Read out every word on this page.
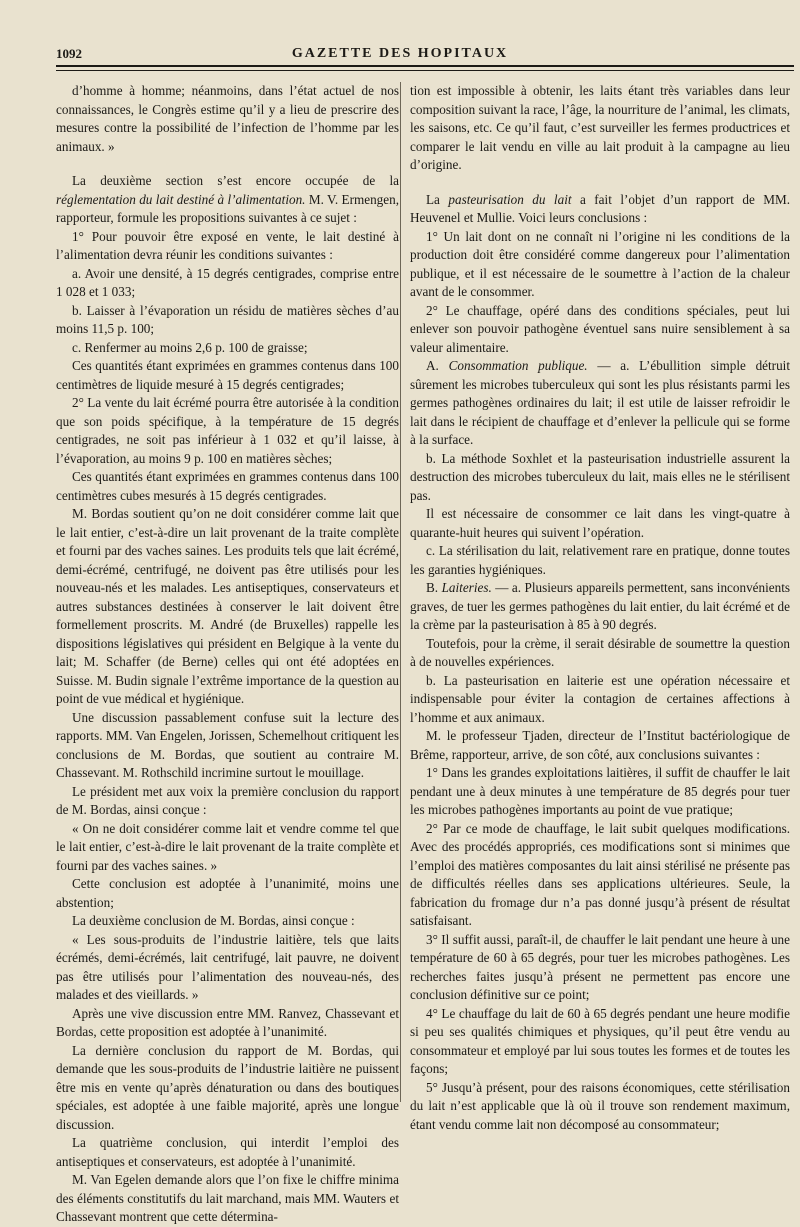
1092	GAZETTE DES HOPITAUX

d’homme à homme; néanmoins, dans l’état actuel de nos connaissances, le Congrès estime qu’il y a lieu de prescrire des mesures contre la possibilité de l’infection de l’homme par les animaux. »

La deuxième section s’est encore occupée de la réglementation du lait destiné à l’alimentation. M. V. Ermengen, rapporteur, formule les propositions suivantes à ce sujet :

1° Pour pouvoir être exposé en vente, le lait destiné à l’alimentation devra réunir les conditions suivantes :

a. Avoir une densité, à 15 degrés centigrades, comprise entre 1 028 et 1 033;

b. Laisser à l’évaporation un résidu de matières sèches d’au moins 11,5 p. 100;

c. Renfermer au moins 2,6 p. 100 de graisse;

Ces quantités étant exprimées en grammes contenus dans 100 centimètres de liquide mesuré à 15 degrés centigrades;

2° La vente du lait écrémé pourra être autorisée à la condition que son poids spécifique, à la température de 15 degrés centigrades, ne soit pas inférieur à 1 032 et qu’il laisse, à l’évaporation, au moins 9 p. 100 en matières sèches;

Ces quantités étant exprimées en grammes contenus dans 100 centimètres cubes mesurés à 15 degrés centigrades.

M. Bordas soutient qu’on ne doit considérer comme lait que le lait entier, c’est-à-dire un lait provenant de la traite complète et fourni par des vaches saines. Les produits tels que lait écrémé, demi-écrémé, centrifugé, ne doivent pas être utilisés pour les nouveau-nés et les malades. Les antiseptiques, conservateurs et autres substances destinées à conserver le lait doivent être formellement proscrits. M. André (de Bruxelles) rappelle les dispositions législatives qui président en Belgique à la vente du lait; M. Schaffer (de Berne) celles qui ont été adoptées en Suisse. M. Budin signale l’extrême importance de la question au point de vue médical et hygiénique.

Une discussion passablement confuse suit la lecture des rapports. MM. Van Engelen, Jorissen, Schemelhout critiquent les conclusions de M. Bordas, que soutient au contraire M. Chassevant. M. Rothschild incrimine surtout le mouillage.

Le président met aux voix la première conclusion du rapport de M. Bordas, ainsi conçue :

« On ne doit considérer comme lait et vendre comme tel que le lait entier, c’est-à-dire le lait provenant de la traite complète et fourni par des vaches saines. »

Cette conclusion est adoptée à l’unanimité, moins une abstention;

La deuxième conclusion de M. Bordas, ainsi conçue :

« Les sous-produits de l’industrie laitière, tels que laits écrémés, demi-écrémés, lait centrifugé, lait pauvre, ne doivent pas être utilisés pour l’alimentation des nouveau-nés, des malades et des vieillards. »

Après une vive discussion entre MM. Ranvez, Chassevant et Bordas, cette proposition est adoptée à l’unanimité.

La dernière conclusion du rapport de M. Bordas, qui demande que les sous-produits de l’industrie laitière ne puissent être mis en vente qu’après dénaturation ou dans des boutiques spéciales, est adoptée à une faible majorité, après une longue discussion.

La quatrième conclusion, qui interdit l’emploi des antiseptiques et conservateurs, est adoptée à l’unanimité.

M. Van Egelen demande alors que l’on fixe le chiffre minima des éléments constitutifs du lait marchand, mais MM. Wauters et Chassevant montrent que cette détermina-

tion est impossible à obtenir, les laits étant très variables dans leur composition suivant la race, l’âge, la nourriture de l’animal, les climats, les saisons, etc. Ce qu’il faut, c’est surveiller les fermes productrices et comparer le lait vendu en ville au lait produit à la campagne au lieu d’origine.

La pasteurisation du lait a fait l’objet d’un rapport de MM. Heuvenel et Mullie. Voici leurs conclusions :

1° Un lait dont on ne connaît ni l’origine ni les conditions de la production doit être considéré comme dangereux pour l’alimentation publique, et il est nécessaire de le soumettre à l’action de la chaleur avant de le consommer.

2° Le chauffage, opéré dans des conditions spéciales, peut lui enlever son pouvoir pathogène éventuel sans nuire sensiblement à sa valeur alimentaire.

A. Consommation publique. — a. L’ébullition simple détruit sûrement les microbes tuberculeux qui sont les plus résistants parmi les germes pathogènes ordinaires du lait; il est utile de laisser refroidir le lait dans le récipient de chauffage et d’enlever la pellicule qui se forme à la surface.

b. La méthode Soxhlet et la pasteurisation industrielle assurent la destruction des microbes tuberculeux du lait, mais elles ne le stérilisent pas.

Il est nécessaire de consommer ce lait dans les vingt-quatre à quarante-huit heures qui suivent l’opération.

c. La stérilisation du lait, relativement rare en pratique, donne toutes les garanties hygiéniques.

B. Laiteries. — a. Plusieurs appareils permettent, sans inconvénients graves, de tuer les germes pathogènes du lait entier, du lait écrémé et de la crème par la pasteurisation à 85 à 90 degrés.

Toutefois, pour la crème, il serait désirable de soumettre la question à de nouvelles expériences.

b. La pasteurisation en laiterie est une opération nécessaire et indispensable pour éviter la contagion de certaines affections à l’homme et aux animaux.

M. le professeur Tjaden, directeur de l’Institut bactériologique de Brême, rapporteur, arrive, de son côté, aux conclusions suivantes :

1° Dans les grandes exploitations laitières, il suffit de chauffer le lait pendant une à deux minutes à une température de 85 degrés pour tuer les microbes pathogènes importants au point de vue pratique;

2° Par ce mode de chauffage, le lait subit quelques modifications. Avec des procédés appropriés, ces modifications sont si minimes que l’emploi des matières composantes du lait ainsi stérilisé ne présente pas de difficultés réelles dans ses applications ultérieures. Seule, la fabrication du fromage dur n’a pas donné jusqu’à présent de résultat satisfaisant.

3° Il suffit aussi, paraît-il, de chauffer le lait pendant une heure à une température de 60 à 65 degrés, pour tuer les microbes pathogènes. Les recherches faites jusqu’à présent ne permettent pas encore une conclusion définitive sur ce point;

4° Le chauffage du lait de 60 à 65 degrés pendant une heure modifie si peu ses qualités chimiques et physiques, qu’il peut être vendu au consommateur et employé par lui sous toutes les formes et de toutes les façons;

5° Jusqu’à présent, pour des raisons économiques, cette stérilisation du lait n’est applicable que là où il trouve son rendement maximum, étant vendu comme lait non décomposé au consommateur;
